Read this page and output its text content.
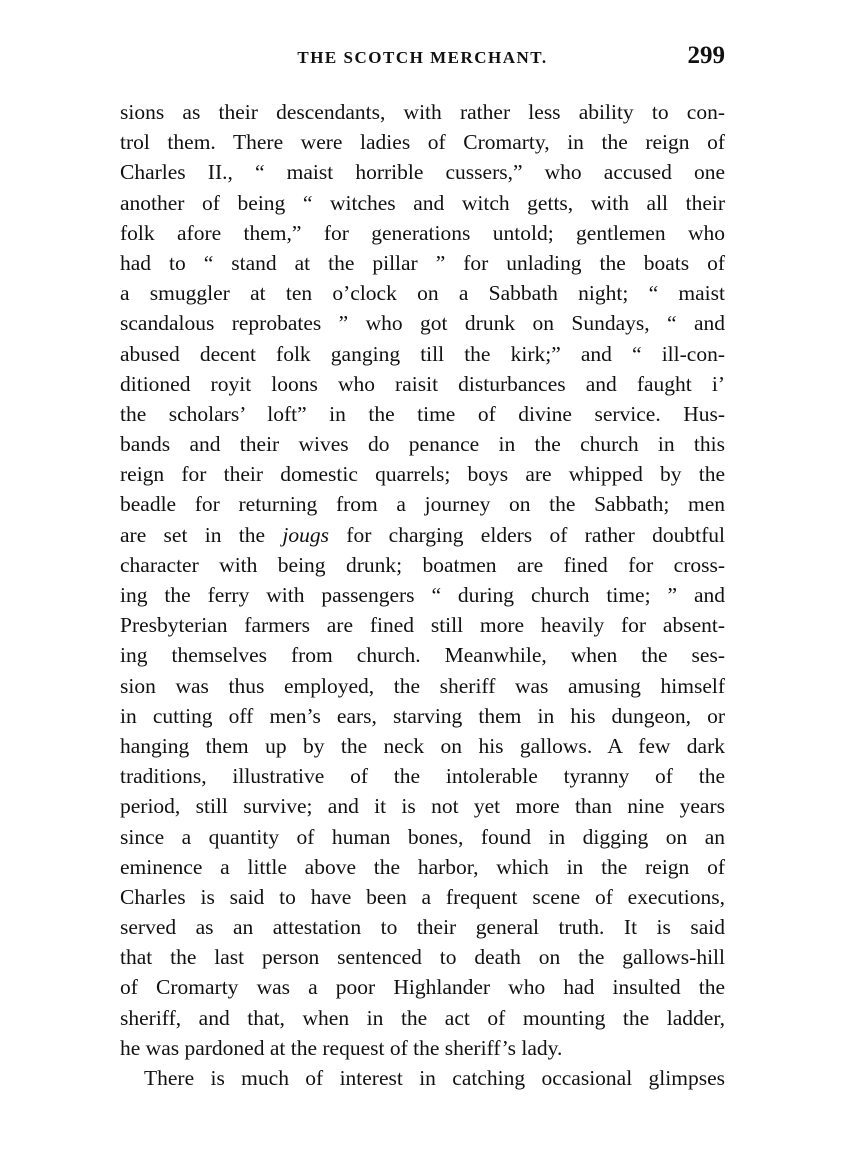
THE SCOTCH MERCHANT.	299
sions as their descendants, with rather less ability to con-
trol them. There were ladies of Cromarty, in the reign of
Charles II., “ maist horrible cussers,” who accused one
another of being “ witches and witch getts, with all their
folk afore them,” for generations untold; gentlemen who
had to “ stand at the pillar ” for unlading the boats of
a smuggler at ten o’clock on a Sabbath night; “ maist
scandalous reprobates ” who got drunk on Sundays, “ and
abused decent folk ganging till the kirk;” and “ ill-con-
ditioned royit loons who raisit disturbances and faught i’
the scholars’ loft” in the time of divine service. Hus-
bands and their wives do penance in the church in this
reign for their domestic quarrels; boys are whipped by the
beadle for returning from a journey on the Sabbath; men
are set in the jougs for charging elders of rather doubtful
character with being drunk; boatmen are fined for cross-
ing the ferry with passengers “ during church time; ” and
Presbyterian farmers are fined still more heavily for absent-
ing themselves from church. Meanwhile, when the ses-
sion was thus employed, the sheriff was amusing himself
in cutting off men’s ears, starving them in his dungeon, or
hanging them up by the neck on his gallows. A few dark
traditions, illustrative of the intolerable tyranny of the
period, still survive; and it is not yet more than nine years
since a quantity of human bones, found in digging on an
eminence a little above the harbor, which in the reign of
Charles is said to have been a frequent scene of executions,
served as an attestation to their general truth. It is said
that the last person sentenced to death on the gallows-hill
of Cromarty was a poor Highlander who had insulted the
sheriff, and that, when in the act of mounting the ladder,
he was pardoned at the request of the sheriff’s lady.
There is much of interest in catching occasional glimpses
